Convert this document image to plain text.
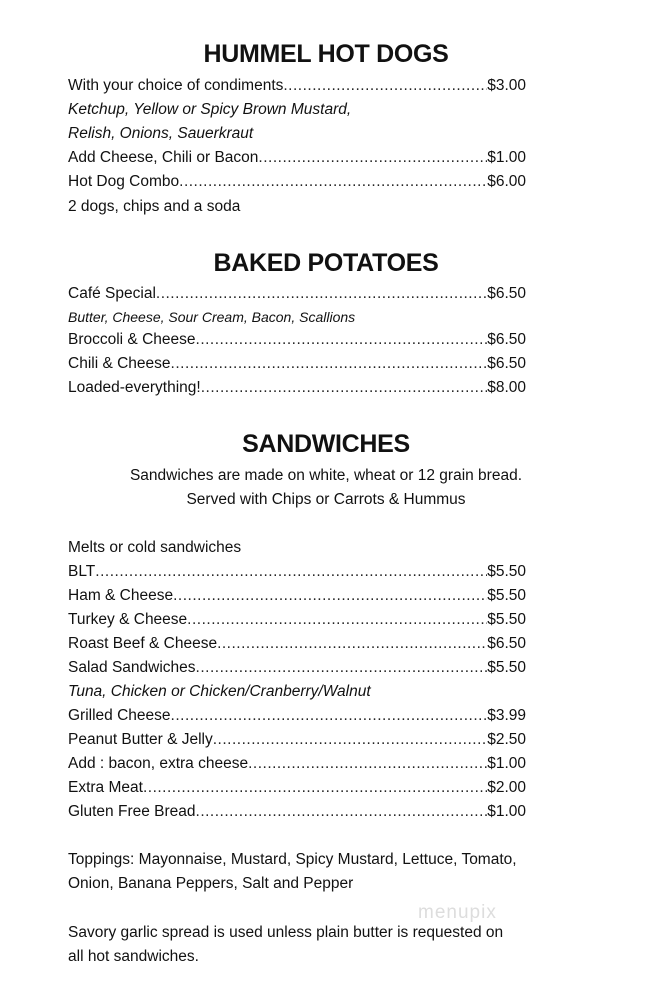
HUMMEL HOT DOGS
With your choice of condiments .....	$3.00
Ketchup, Yellow or Spicy Brown Mustard,
Relish, Onions, Sauerkraut
Add Cheese, Chili or Bacon .....	$1.00
Hot Dog Combo .....	$6.00
2 dogs, chips and a soda
BAKED POTATOES
Café Special .....	$6.50
Butter, Cheese, Sour Cream, Bacon, Scallions
Broccoli & Cheese .....	$6.50
Chili & Cheese .....	$6.50
Loaded-everything! .....	$8.00
SANDWICHES
Sandwiches are made on white, wheat or 12 grain bread.
Served with Chips or Carrots & Hummus
Melts or cold sandwiches
BLT .....	$5.50
Ham & Cheese .....	$5.50
Turkey & Cheese .....	$5.50
Roast Beef & Cheese .....	$6.50
Salad Sandwiches .....	$5.50
Tuna, Chicken or Chicken/Cranberry/Walnut
Grilled Cheese .....	$3.99
Peanut Butter & Jelly .....	$2.50
Add : bacon, extra cheese .....	$1.00
Extra Meat .....	$2.00
Gluten Free Bread .....	$1.00
Toppings: Mayonnaise, Mustard, Spicy Mustard, Lettuce, Tomato,
Onion, Banana Peppers, Salt and Pepper
menupix
Savory garlic spread is used unless plain butter is requested on
all hot sandwiches.
